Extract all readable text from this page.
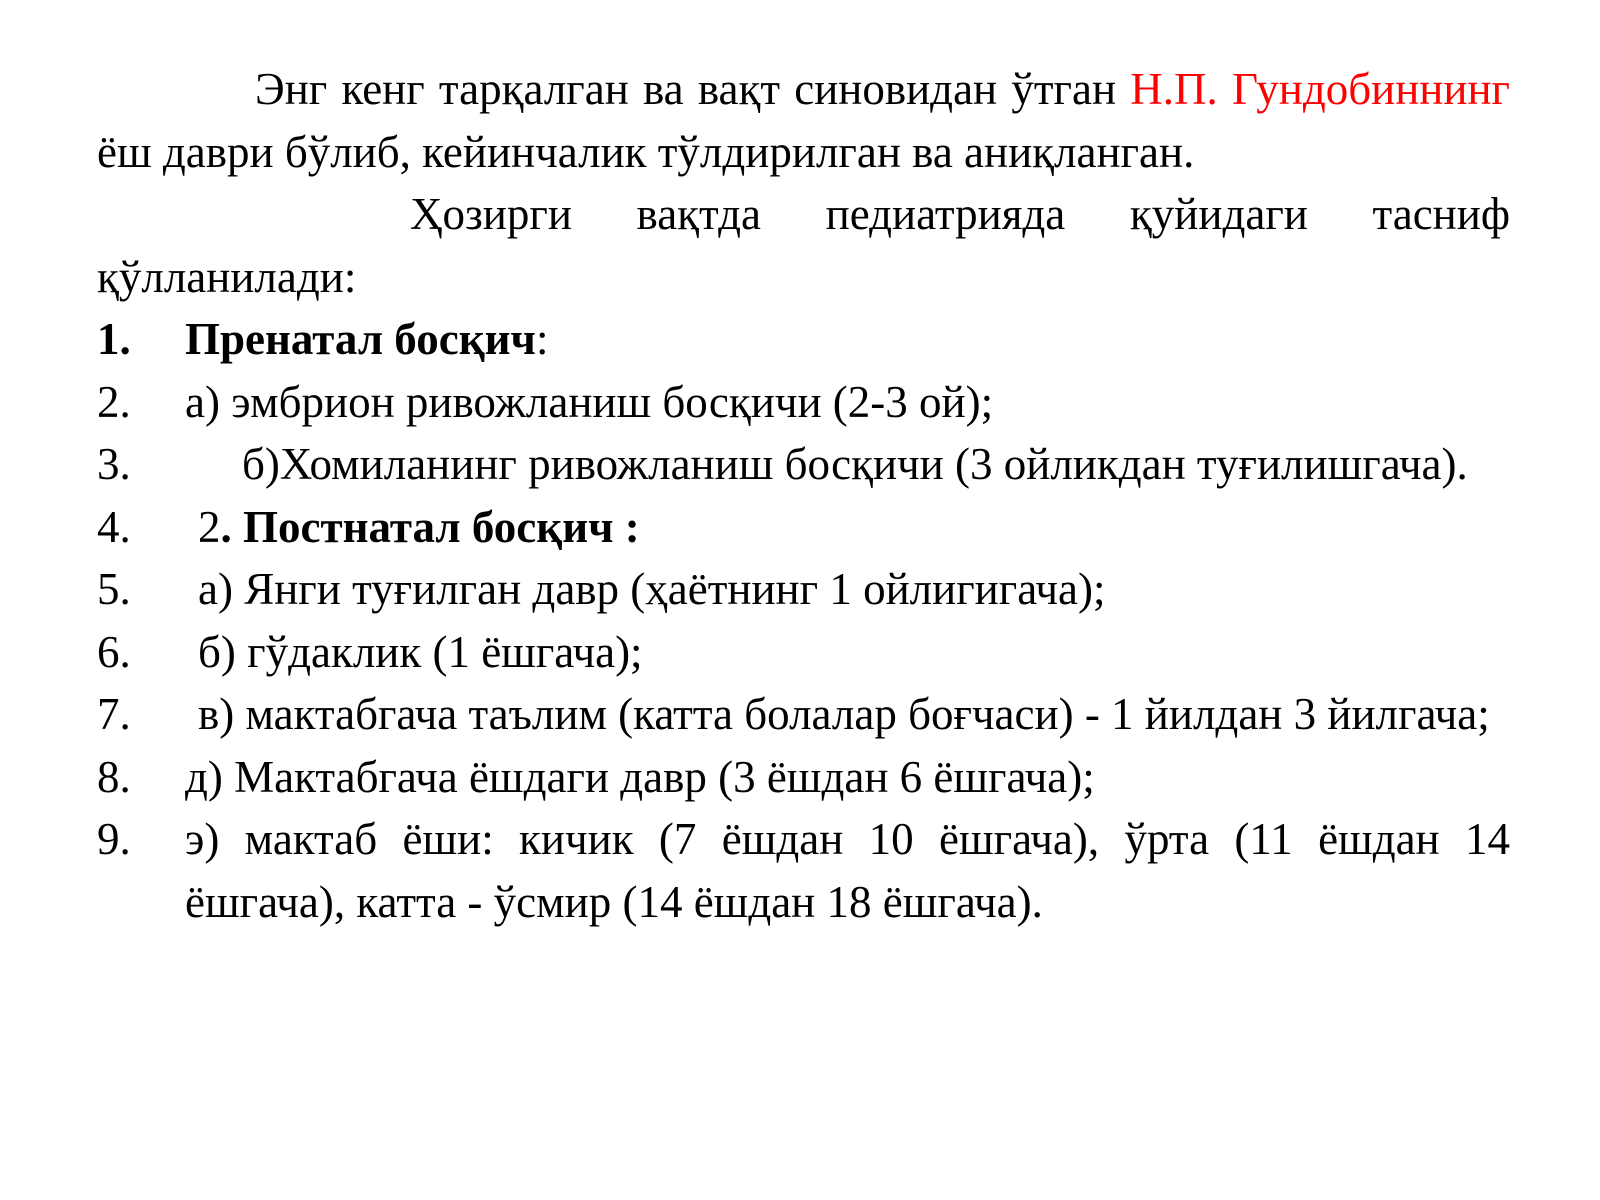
Энг кенг тарқалган ва вақт синовидан ўтган Н.П. Гундобиннинг ёш даври бўлиб, кейинчалик тўлдирилган ва аниқланган.

Ҳозирги вақтда педиатрияда қуйидаги тасниф қўлланилади:

1.	Пренатал босқич:
2.	а) эмбрион ривожланиш босқичи (2-3 ой);
3.	б)Хомиланинг ривожланиш босқичи (3 ойликдан туғилишгача).
4.	2. Постнатал босқич :
5.	а) Янги туғилган давр (ҳаётнинг 1 ойлигигача);
6.	б) гўдаклик (1 ёшгача);
7.	в) мактабгача таълим (катта болалар боғчаси) - 1 йилдан 3 йилгача;
8.	д) Мактабгача ёшдаги давр (3 ёшдан 6 ёшгача);
9.	э) мактаб ёши: кичик (7 ёшдан 10 ёшгача), ўрта (11 ёшдан 14 ёшгача), катта - ўсмир (14 ёшдан 18 ёшгача).
